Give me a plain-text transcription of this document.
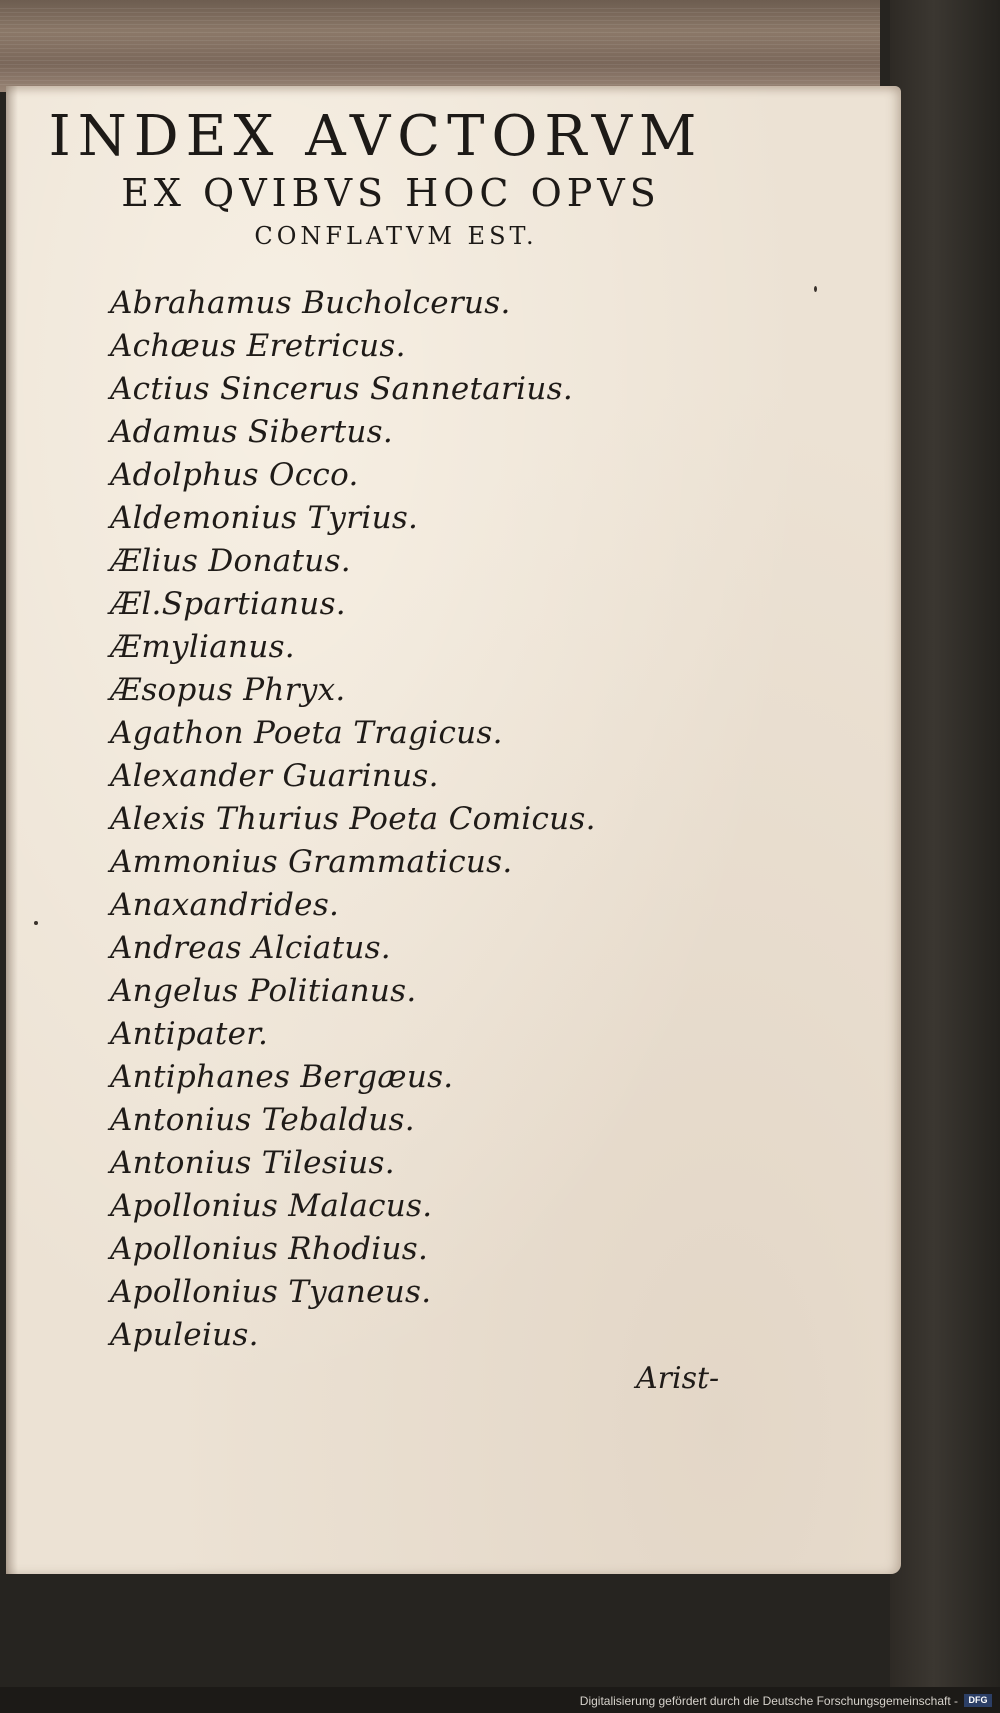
INDEX AVCTORVM
EX QVIBVS HOC OPVS
CONFLATVM EST.
Abrahamus Bucholcerus.
Achæus Eretricus.
Actius Sincerus Sannetarius.
Adamus Sibertus.
Adolphus Occo.
Aldemonius Tyrius.
Ælius Donatus.
Æl.Spartianus.
Æmylianus.
Æsopus Phryx.
Agathon Poeta Tragicus.
Alexander Guarinus.
Alexis Thurius Poeta Comicus.
Ammonius Grammaticus.
Anaxandrides.
Andreas Alciatus.
Angelus Politianus.
Antipater.
Antiphanes Bergæus.
Antonius Tebaldus.
Antonius Tilesius.
Apollonius Malacus.
Apollonius Rhodius.
Apollonius Tyaneus.
Apuleius.
Arist-
Digitalisierung gefördert durch die Deutsche Forschungsgemeinschaft -	DFG
